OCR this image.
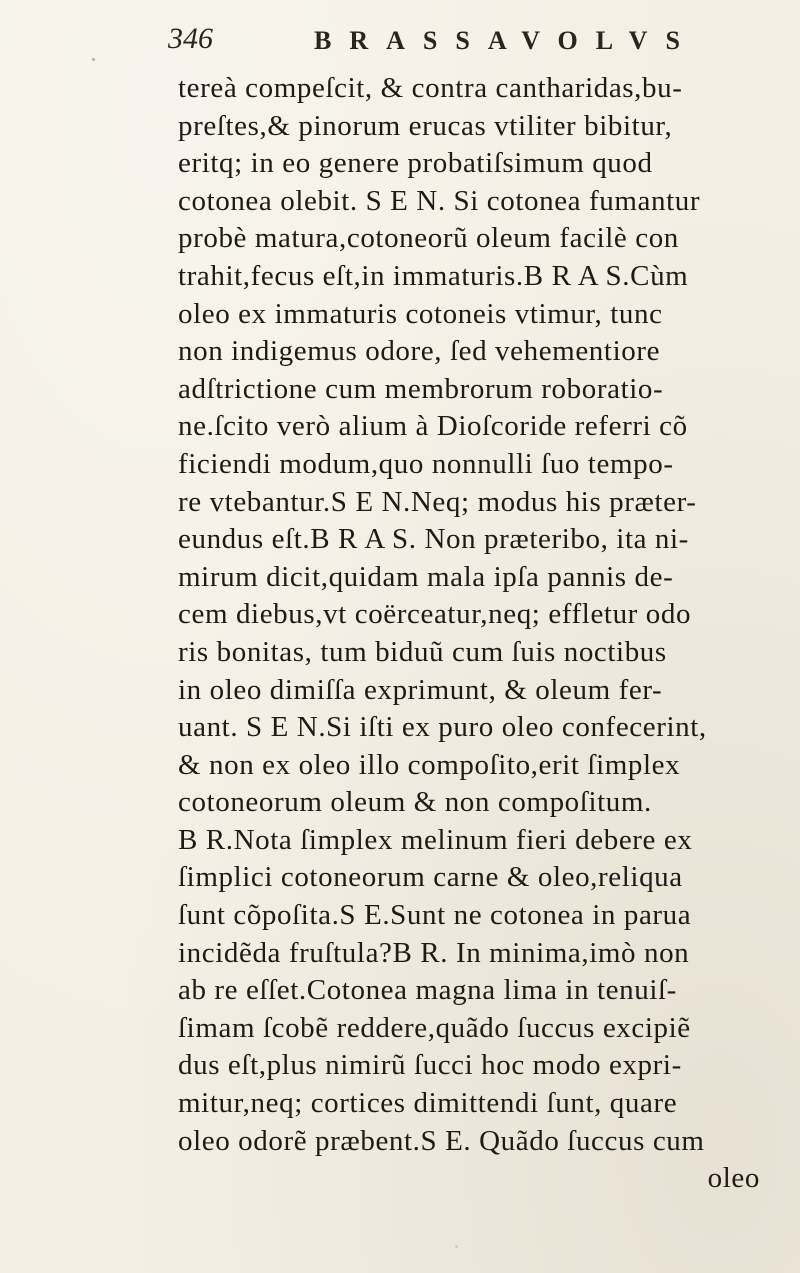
346	BRASSAVOLVS
tereà compeſcit, & contra cantharidas,bu-
preſtes,& pinorum erucas vtiliter bibitur,
eritq; in eo genere probatiſsimum quod
cotonea olebit. S E N. Si cotonea fumantur
probè matura,cotoneorũ oleum facilè con
trahit,fecus eſt,in immaturis.B R A S.Cùm
oleo ex immaturis cotoneis vtimur, tunc
non indigemus odore, ſed vehementiore
adſtrictione cum membrorum roboratio-
ne.ſcito verò alium à Dioſcoride referri cõ
ficiendi modum,quo nonnulli ſuo tempo-
re vtebantur.S E N.Neq; modus his præter-
eundus eſt.B R A S. Non prætеribo, ita ni-
mirum dicit,quidam mala ipſa pannis de-
cem diebus,vt coërceatur,neq; effletur odo
ris bonitas, tum biduũ cum ſuis noctibus
in oleo dimiſſa exprimunt, & oleum fer-
uant. S E N.Si iſti ex puro oleo confecerint,
& non ex oleo illo compoſito,erit ſimplex
cotoneorum oleum & non compoſitum.
B R.Nota ſimplex melinum fieri debere ex
ſimplici cotoneorum carne & oleo,reliqua
ſunt cõpoſita.S E.Sunt ne cotonea in parua
incidẽda fruſtula?B R. In minima,imò non
ab re eſſet.Cotonea magna lima in tenuiſ-
ſimam ſcobẽ reddere,quãdo ſuccus excipiẽ
dus eſt,plus nimirũ ſucci hoc modo expri-
mitur,neq; cortices dimittendi ſunt, quare
oleo odorẽ præbent.S E. Quãdo ſuccus cum
oleo
